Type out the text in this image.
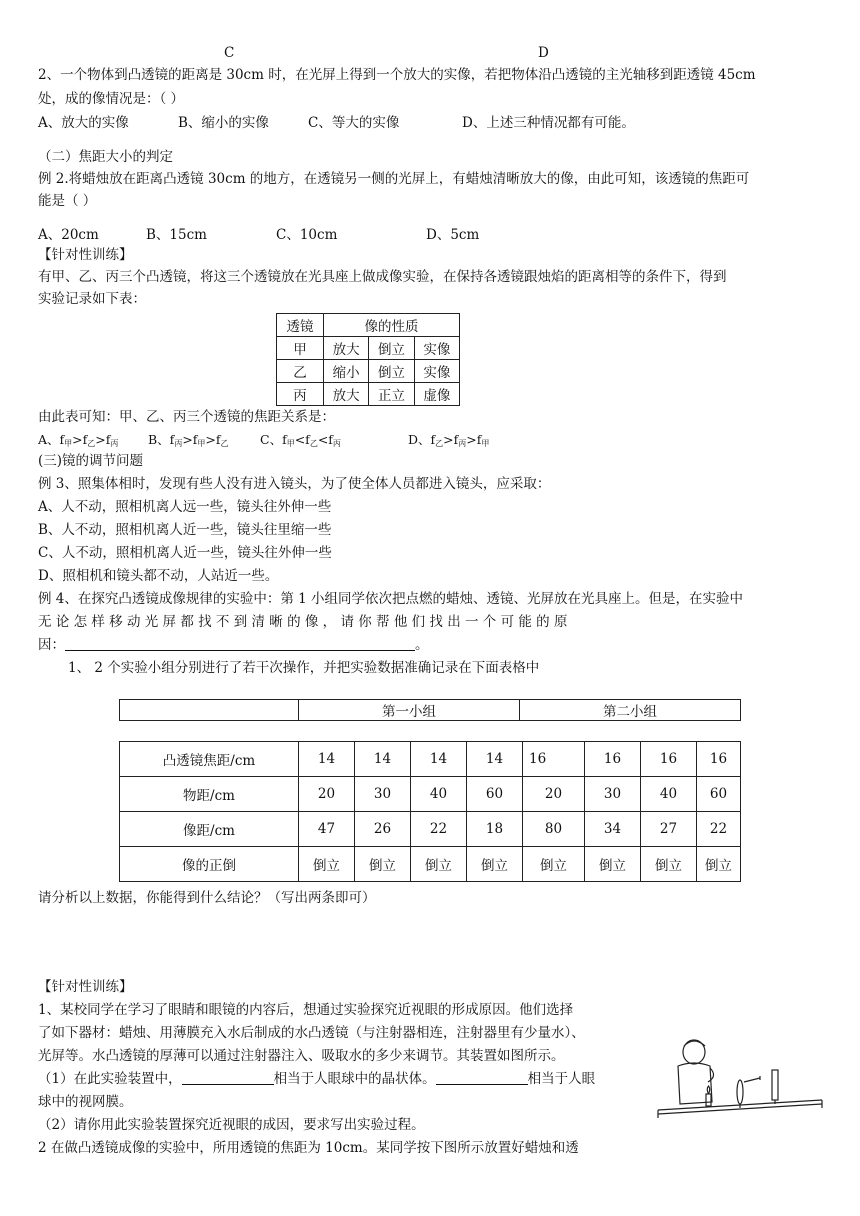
C	D
2、一个物体到凸透镜的距离是 30cm 时，在光屏上得到一个放大的实像，若把物体沿凸透镜的主光轴移到距透镜 45cm
处，成的像情况是：（ ）
A、放大的实像	B、缩小的实像	C、等大的实像	D、上述三种情况都有可能。
（二）焦距大小的判定
例 2.将蜡烛放在距离凸透镜 30cm 的地方，在透镜另一侧的光屏上，有蜡烛清晰放大的像，由此可知，该透镜的焦距可
能是（ ）
A、20cm	B、15cm	C、10cm	D、5cm
【针对性训练】
有甲、乙、丙三个凸透镜，将这三个透镜放在光具座上做成像实验，在保持各透镜跟烛焰的距离相等的条件下，得到
实验记录如下表：
透镜	像的性质		
甲	放大	倒立	实像
乙	缩小	倒立	实像
丙	放大	正立	虚像
由此表可知：甲、乙、丙三个透镜的焦距关系是：
A、$f_甲>f_乙>f_丙$ B、$f_丙>f_甲>f_乙$	C、$f_甲<f_乙<f_丙$	D、$f_乙>f_丙>f_甲$
(三)镜的调节问题
例 3、照集体相时，发现有些人没有进入镜头，为了使全体人员都进入镜头，应采取：
A、人不动，照相机离人远一些，镜头往外伸一些
B、人不动，照相机离人近一些，镜头往里缩一些
C、人不动，照相机离人近一些，镜头往外伸一些
D、照相机和镜头都不动，人站近一些。
例 4、在探究凸透镜成像规律的实验中：第 1 小组同学依次把点燃的蜡烛、透镜、光屏放在光具座上。但是，在实验中
无 论 怎 样 移 动 光 屏 都 找 不 到 清 晰 的 像 ， 请 你 帮 他 们 找 出 一 个 可 能 的 原
因：	。
1、 2 个实验小组分别进行了若干次操作，并把实验数据准确记录在下面表格中
	第一小组	第二小组
凸透镜焦距/cm	14	14	14	14	16	16	16	16
物距/cm	20	30	40	60	20	30	40	60
像距/cm	47	26	22	18	80	34	27	22
像的正倒	倒立	倒立	倒立	倒立	倒立	倒立	倒立	倒立
请分析以上数据，你能得到什么结论？（写出两条即可）
【针对性训练】
1、某校同学在学习了眼睛和眼镜的内容后，想通过实验探究近视眼的形成原因。他们选择
了如下器材：蜡烛、用薄膜充入水后制成的水凸透镜（与注射器相连，注射器里有少量水）、
光屏等。水凸透镜的厚薄可以通过注射器注入、吸取水的多少来调节。其装置如图所示。
（1）在此实验装置中，	相当于人眼球中的晶状体。	相当于人眼
球中的视网膜。
（2）请你用此实验装置探究近视眼的成因，要求写出实验过程。
2 在做凸透镜成像的实验中，所用透镜的焦距为 10cm。某同学按下图所示放置好蜡烛和透
